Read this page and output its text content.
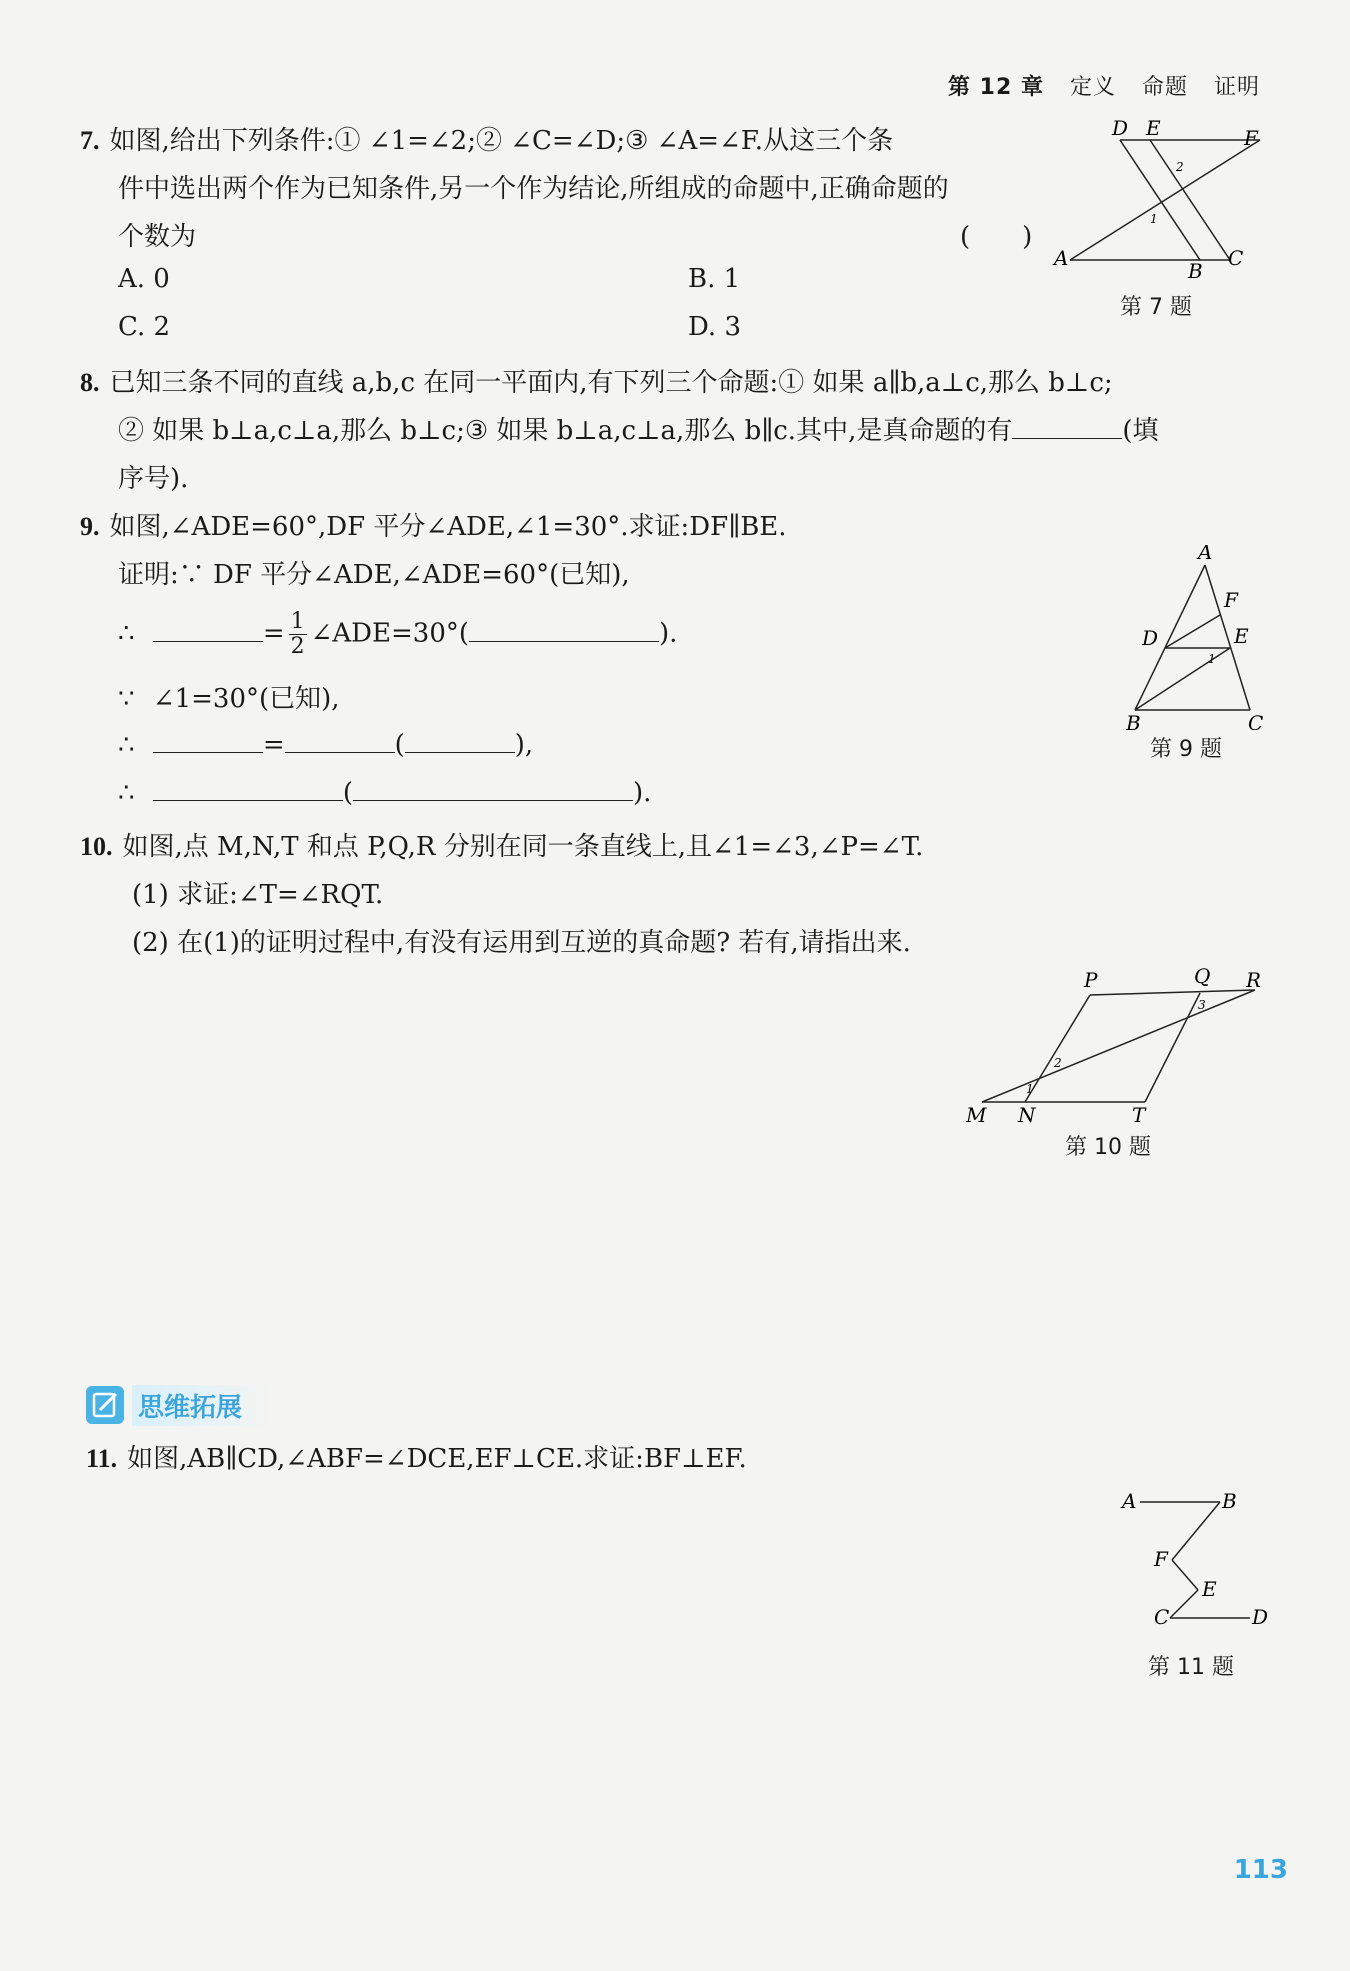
第 12 章 定义 命题 证明
7. 如图,给出下列条件:① ∠1=∠2;② ∠C=∠D;③ ∠A=∠F.从这三个条
件中选出两个作为已知条件,另一个作为结论,所组成的命题中,正确命题的
个数为	(　　)
A. 0	B. 1
C. 2	D. 3
D E	F
A
B
C
1
2
第 7 题
8. 已知三条不同的直线 a,b,c 在同一平面内,有下列三个命题:① 如果 a∥b,a⊥c,那么 b⊥c;
② 如果 b⊥a,c⊥a,那么 b⊥c;③ 如果 b⊥a,c⊥a,那么 b∥c.其中,是真命题的有	(填
序号).
9. 如图,∠ADE=60°,DF 平分∠ADE,∠1=30°.求证:DF∥BE.
证明:∵ DF 平分∠ADE,∠ADE=60°(已知),
∴	= $\frac{1}{2}$ ∠ADE=30°(	).
∵ ∠1=30°(已知),
∴	=	(	),
∴	(	).
A
F
D	E
B	C
1
第 9 题
10. 如图,点 M,N,T 和点 P,Q,R 分别在同一条直线上,且∠1=∠3,∠P=∠T.
(1) 求证:∠T=∠RQT.
(2) 在(1)的证明过程中,有没有运用到互逆的真命题? 若有,请指出来.
P	Q R
M N	T
1
2
3
第 10 题
思维拓展
11. 如图,AB∥CD,∠ABF=∠DCE,EF⊥CE.求证:BF⊥EF.
A	B
F
E
C	D
第 11 题
113
